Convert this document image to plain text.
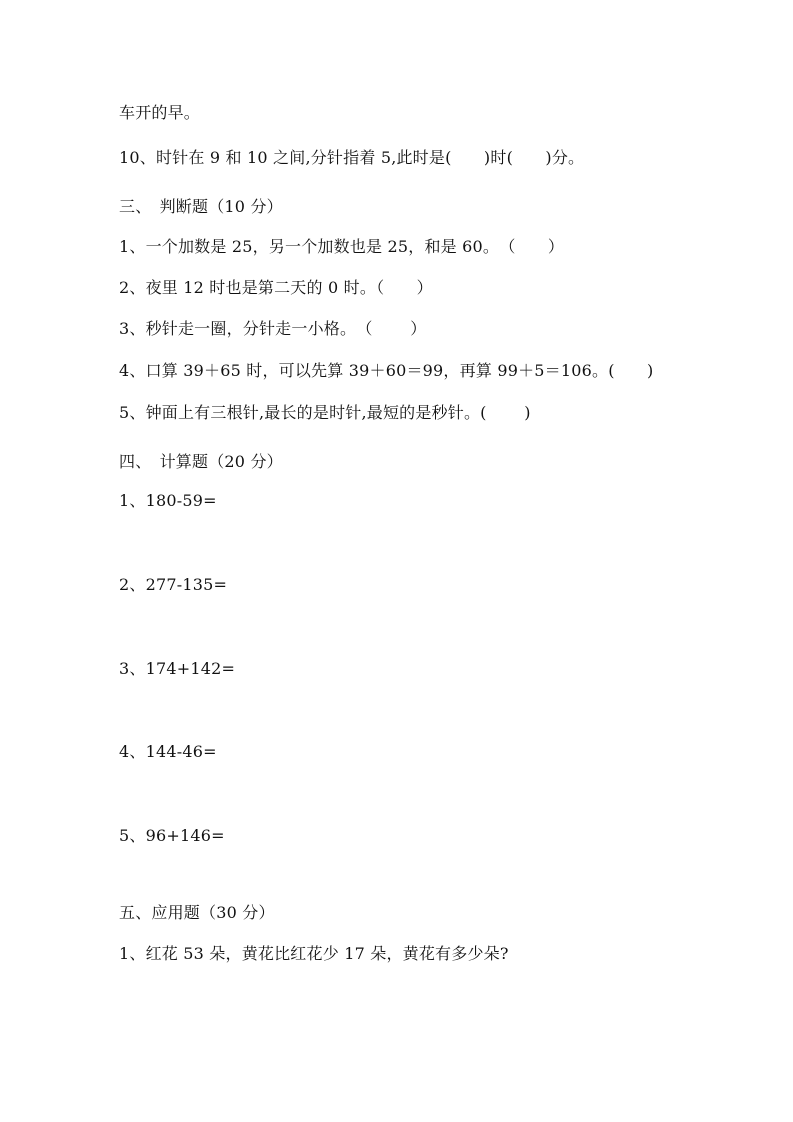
车开的早。
10、时针在 9 和 10 之间,分针指着 5,此时是(　　)时(　　)分。
三、　判断题（10 分）
1、一个加数是 25，另一个加数也是 25，和是 60。　（　　）
2、夜里 12 时也是第二天的 0 时。（　　）
3、秒针走一圈，分针走一小格。　（　　 ）
4、口算 39＋65 时，可以先算 39＋60＝99，再算 99＋5＝106。(　　)
5、钟面上有三根针,最长的是时针,最短的是秒针。(　　 )
四、　计算题（20 分）
1、180-59=
2、277-135=
3、174+142=
4、144-46=
5、96+146=
五、应用题（30 分）
1、红花 53 朵，黄花比红花少 17 朵，黄花有多少朵?
